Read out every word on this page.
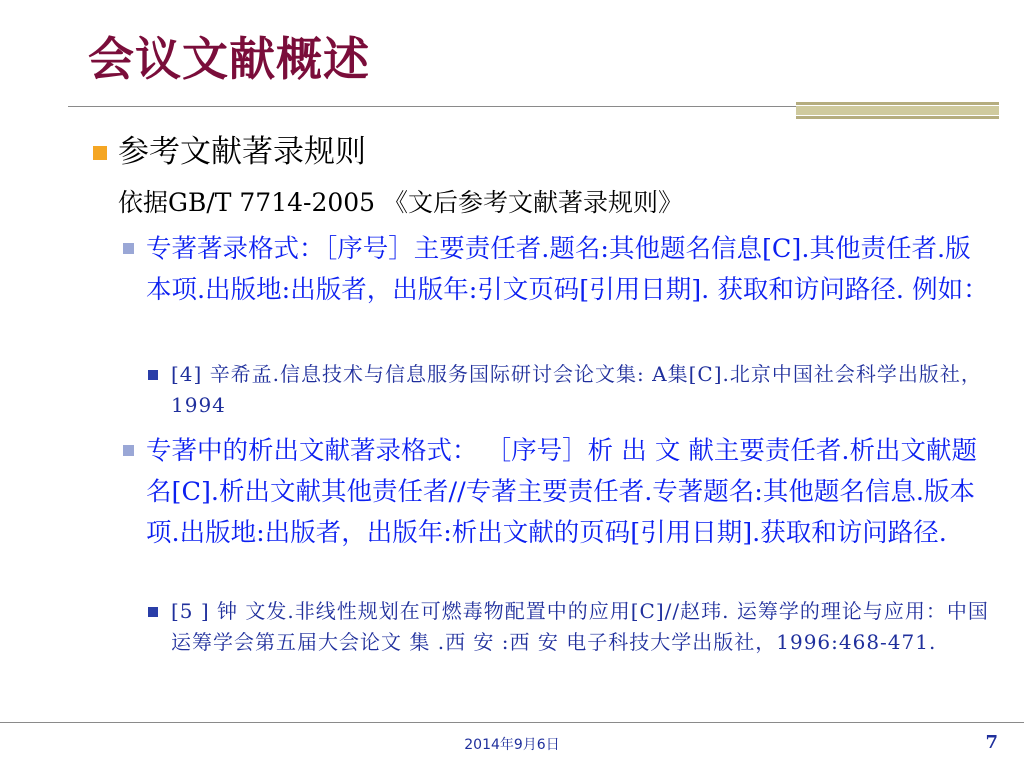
会议文献概述
参考文献著录规则
依据GB/T 7714-2005 《文后参考文献著录规则》
专著著录格式：［序号］主要责任者.题名:其他题名信息[C].其他责任者.版本项.出版地:出版者，出版年:引文页码[引用日期]. 获取和访问路径. 例如：
[4] 辛希孟.信息技术与信息服务国际研讨会论文集: A集[C].北京中国社会科学出版社，1994
专著中的析出文献著录格式： ［序号］析 出 文 献主要责任者.析出文献题名[C].析出文献其他责任者//专著主要责任者.专著题名:其他题名信息.版本项.出版地:出版者，出版年:析出文献的页码[引用日期].获取和访问路径.
[5 ] 钟 文发.非线性规划在可燃毒物配置中的应用[C]//赵玮. 运筹学的理论与应用：中国运筹学会第五届大会论文 集 .西 安 :西 安 电子科技大学出版社，1996:468-471.
2014年9月6日	7
